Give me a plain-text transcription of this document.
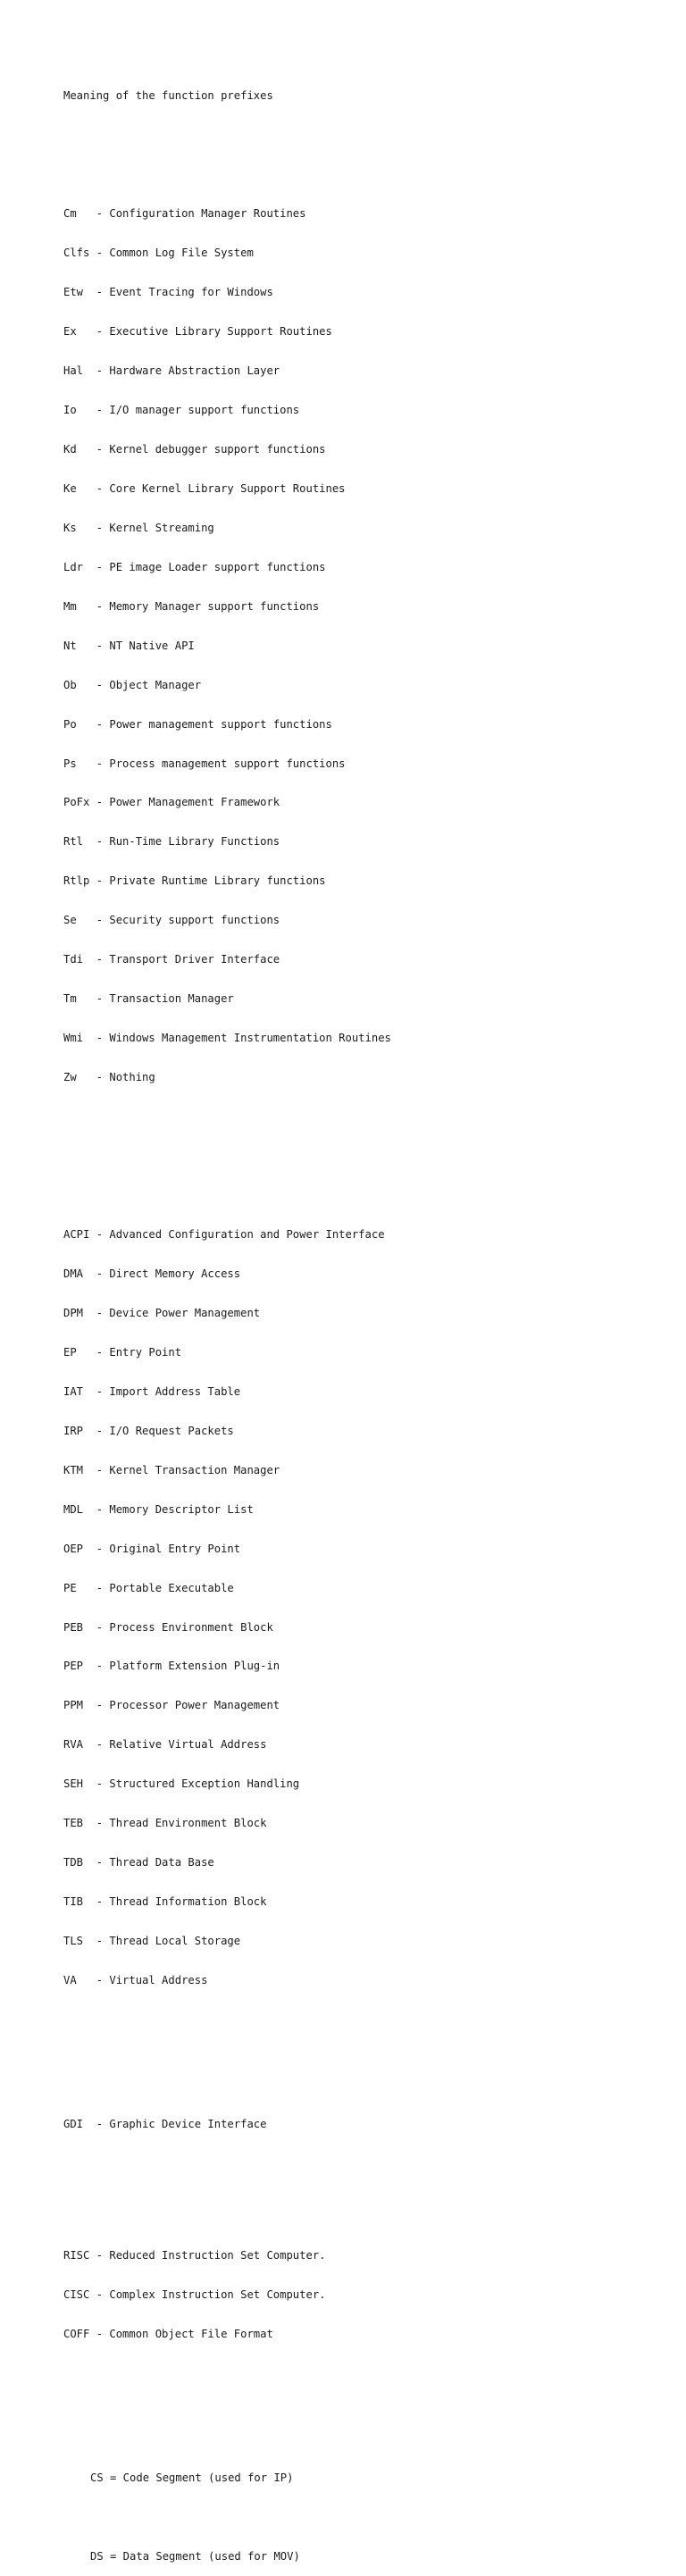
Meaning of the function prefixes

Cm   - Configuration Manager Routines

Clfs - Common Log File System

Etw  - Event Tracing for Windows

Ex   - Executive Library Support Routines

Hal  - Hardware Abstraction Layer

Io   - I/O manager support functions

Kd   - Kernel debugger support functions

Ke   - Core Kernel Library Support Routines

Ks   - Kernel Streaming

Ldr  - PE image Loader support functions

Mm   - Memory Manager support functions

Nt   - NT Native API

Ob   - Object Manager

Po   - Power management support functions

Ps   - Process management support functions

PoFx - Power Management Framework

Rtl  - Run-Time Library Functions

Rtlp - Private Runtime Library functions

Se   - Security support functions

Tdi  - Transport Driver Interface

Tm   - Transaction Manager

Wmi  - Windows Management Instrumentation Routines

Zw   - Nothing

ACPI - Advanced Configuration and Power Interface

DMA  - Direct Memory Access

DPM  - Device Power Management

EP   - Entry Point

IAT  - Import Address Table

IRP  - I/O Request Packets

KTM  - Kernel Transaction Manager

MDL  - Memory Descriptor List

OEP  - Original Entry Point

PE   - Portable Executable

PEB  - Process Environment Block

PEP  - Platform Extension Plug-in

PPM  - Processor Power Management

RVA  - Relative Virtual Address

SEH  - Structured Exception Handling

TEB  - Thread Environment Block

TDB  - Thread Data Base

TIB  - Thread Information Block

TLS  - Thread Local Storage

VA   - Virtual Address

GDI  - Graphic Device Interface

RISC - Reduced Instruction Set Computer.

CISC - Complex Instruction Set Computer.

COFF - Common Object File Format

CS = Code Segment (used for IP)

DS = Data Segment (used for MOV)
